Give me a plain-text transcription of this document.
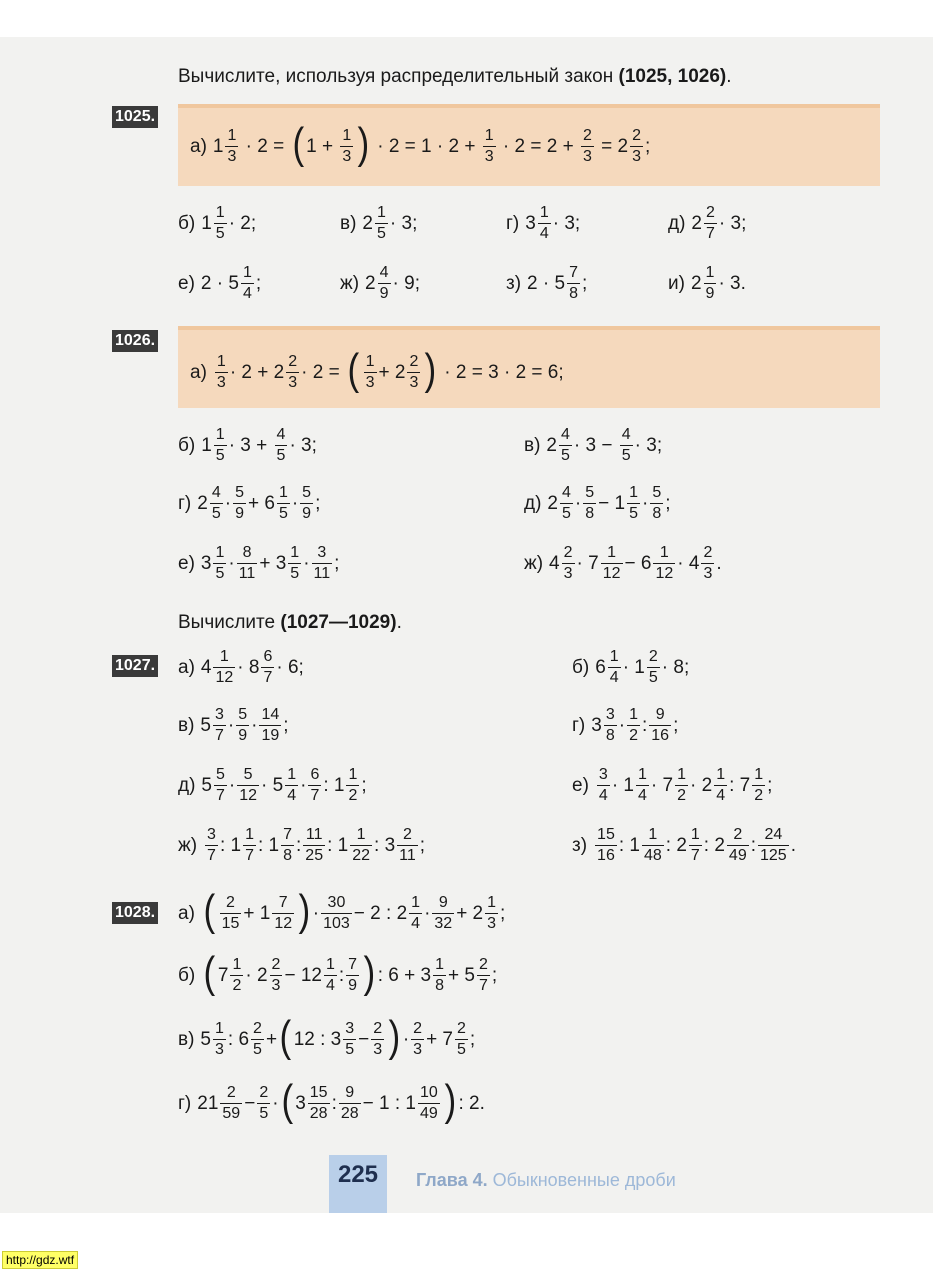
Вычислите, используя распределительный закон (1025, 1026).
1025.
а) $1 \frac{1}{3} \cdot 2$ = ( $1 + \frac{1}{3}$ ) · $2 = 1 \cdot 2 + \frac{1}{3} \cdot 2 = 2 + \frac{2}{3} = 2 \frac{2}{3}$ ;
б) $1 \frac{1}{5} \cdot 2$;	в) $2 \frac{1}{5} \cdot 3$;	г) $3 \frac{1}{4} \cdot 3$;	д) $2 \frac{2}{7} \cdot 3$;
е) $2 \cdot 5 \frac{1}{4}$ ;	ж) $2 \frac{4}{9} \cdot 9$;	з) $2 \cdot 5 \frac{7}{8}$ ;	и) $2 \frac{1}{9} \cdot 3$.
1026.
$а) \frac{1}{3} \cdot 2 + 2 \frac{2}{3} \cdot 2$ = ( $\frac{1}{3} + 2 \frac{2}{3}$ ) · 2 = 3 · 2 = 6;
б) $1 \frac{1}{5} \cdot 3 + \frac{4}{5} \cdot 3$;	в) $2 \frac{4}{5} \cdot 3 - \frac{4}{5} \cdot 3$;
г) $2 \frac{4}{5} \cdot \frac{5}{9} + 6 \frac{1}{5} \cdot \frac{5}{9}$ ;	д) $2 \frac{4}{5} \cdot \frac{5}{8} - 1 \frac{1}{5} \cdot \frac{5}{8}$ ;
е) $3 \frac{1}{5} \cdot \frac{8}{11} + 3 \frac{1}{5} \cdot \frac{3}{11}$ ;	ж) $4 \frac{2}{3} \cdot 7 \frac{1}{12} - 6 \frac{1}{12} \cdot 4 \frac{2}{3}$ .
Вычислите (1027—1029).
1027. а) $4 \frac{1}{12} \cdot 8 \frac{6}{7} \cdot 6$;	б) $6 \frac{1}{4} \cdot 1 \frac{2}{5} \cdot 8$;
в) $5 \frac{3}{7} \cdot \frac{5}{9} \cdot \frac{14}{19}$ ;	г) $3 \frac{3}{8} \cdot \frac{1}{2}$ : $\frac{9}{16}$ ;
д) $5 \frac{5}{7} \cdot \frac{5}{12} \cdot 5 \frac{1}{4} \cdot \frac{6}{7}$ : $1 \frac{1}{2}$ ;	$е) \frac{3}{4} \cdot 1 \frac{1}{4} \cdot 7 \frac{1}{2} \cdot 2 \frac{1}{4}$ : $7 \frac{1}{2}$ ;
$ж) \frac{3}{7}$ : $1 \frac{1}{7}$ : $1 \frac{7}{8}$ : $\frac{11}{25}$ : $1 \frac{1}{22}$ : $3 \frac{2}{11}$ ;	$з) \frac{15}{16}$ : $1 \frac{1}{48}$ : $2 \frac{1}{7}$ : $2 \frac{2}{49}$ : $\frac{24}{125}$ .
1028. а) ( $\frac{2}{15} + 1 \frac{7}{12}$ ) · $\frac{30}{103} - 2$ : $2 \frac{1}{4} \cdot \frac{9}{32} + 2 \frac{1}{3}$ ;
б) ( $7 \frac{1}{2} \cdot 2 \frac{2}{3} - 12 \frac{1}{4}$ : $\frac{7}{9}$ ) : $6 + 3 \frac{1}{8} + 5 \frac{2}{7}$ ;
в) $5 \frac{1}{3}$ : $6 \frac{2}{5}$ + ( 12 : $3 \frac{3}{5} - \frac{2}{3}$ ) · $\frac{2}{3} + 7 \frac{2}{5}$ ;
г) $21 \frac{2}{59} - \frac{2}{5}$ · ( $3 \frac{15}{28}$ : $\frac{9}{28} - 1$ : $1 \frac{10}{49}$ ) : 2.
225	Глава 4. Обыкновенные дроби
http://gdz.wtf
